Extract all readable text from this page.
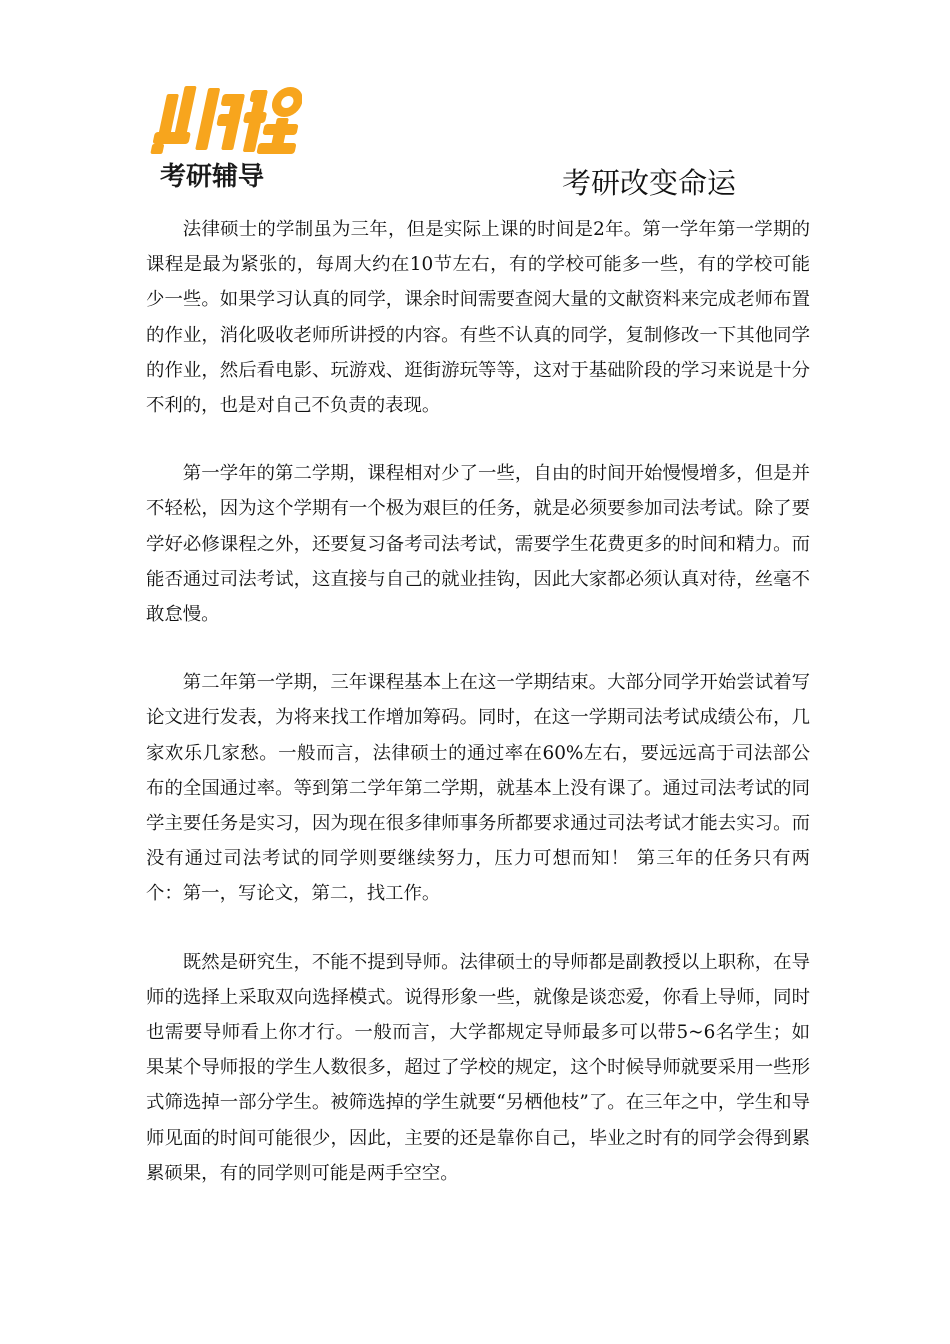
考研辅导	考研改变命运

法律硕士的学制虽为三年，但是实际上课的时间是2年。第一学年第一学期的课程是最为紧张的，每周大约在10节左右，有的学校可能多一些，有的学校可能少一些。如果学习认真的同学，课余时间需要查阅大量的文献资料来完成老师布置的作业，消化吸收老师所讲授的内容。有些不认真的同学，复制修改一下其他同学的作业，然后看电影、玩游戏、逛街游玩等等，这对于基础阶段的学习来说是十分不利的，也是对自己不负责的表现。

第一学年的第二学期，课程相对少了一些，自由的时间开始慢慢增多，但是并不轻松，因为这个学期有一个极为艰巨的任务，就是必须要参加司法考试。除了要学好必修课程之外，还要复习备考司法考试，需要学生花费更多的时间和精力。而能否通过司法考试，这直接与自己的就业挂钩，因此大家都必须认真对待，丝毫不敢怠慢。

第二年第一学期，三年课程基本上在这一学期结束。大部分同学开始尝试着写论文进行发表，为将来找工作增加筹码。同时，在这一学期司法考试成绩公布，几家欢乐几家愁。一般而言，法律硕士的通过率在60%左右，要远远高于司法部公布的全国通过率。等到第二学年第二学期，就基本上没有课了。通过司法考试的同学主要任务是实习，因为现在很多律师事务所都要求通过司法考试才能去实习。而没有通过司法考试的同学则要继续努力，压力可想而知！ 第三年的任务只有两个：第一，写论文，第二，找工作。

既然是研究生，不能不提到导师。法律硕士的导师都是副教授以上职称，在导师的选择上采取双向选择模式。说得形象一些，就像是谈恋爱，你看上导师，同时也需要导师看上你才行。一般而言，大学都规定导师最多可以带5~6名学生；如果某个导师报的学生人数很多，超过了学校的规定，这个时候导师就要采用一些形式筛选掉一部分学生。被筛选掉的学生就要“另栖他枝”了。在三年之中，学生和导师见面的时间可能很少，因此，主要的还是靠你自己，毕业之时有的同学会得到累累硕果，有的同学则可能是两手空空。
